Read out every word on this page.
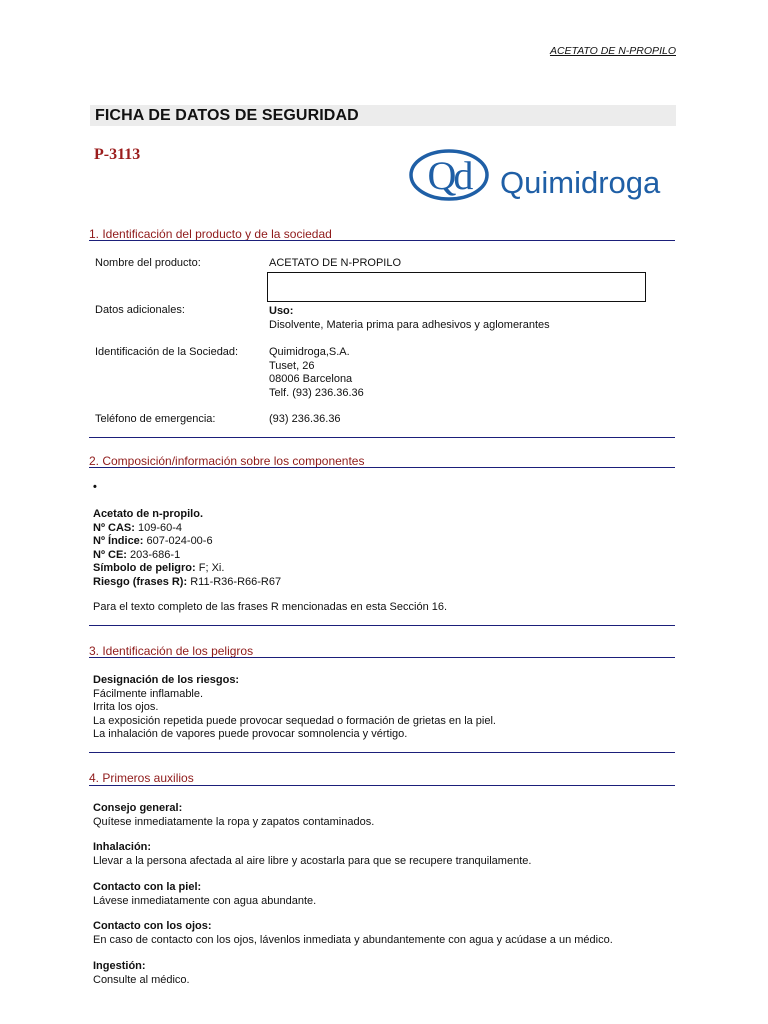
ACETATO DE N-PROPILO
FICHA DE DATOS DE SEGURIDAD
P-3113	Qd Quimidroga
1. Identificación del producto y de la sociedad
Nombre del producto:	ACETATO DE N-PROPILO
Datos adicionales:	Uso:
Disolvente, Materia prima para adhesivos y aglomerantes
Identificación de la Sociedad:	Quimidroga,S.A.
Tuset, 26
08006 Barcelona
Telf. (93) 236.36.36
Teléfono de emergencia:	(93) 236.36.36
2. Composición/información sobre los componentes
•
Acetato de n-propilo.
Nº CAS: 109-60-4
Nº Índice: 607-024-00-6
Nº CE: 203-686-1
Símbolo de peligro: F; Xi.
Riesgo (frases R): R11-R36-R66-R67
Para el texto completo de las frases R mencionadas en esta Sección 16.
3. Identificación de los peligros
Designación de los riesgos:
Fácilmente inflamable.
Irrita los ojos.
La exposición repetida puede provocar sequedad o formación de grietas en la piel.
La inhalación de vapores puede provocar somnolencia y vértigo.
4. Primeros auxilios
Consejo general:
Quítese inmediatamente la ropa y zapatos contaminados.
Inhalación:
Llevar a la persona afectada al aire libre y acostarla para que se recupere tranquilamente.
Contacto con la piel:
Lávese inmediatamente con agua abundante.
Contacto con los ojos:
En caso de contacto con los ojos, lávenlos inmediata y abundantemente con agua y acúdase a un médico.
Ingestión:
Consulte al médico.
